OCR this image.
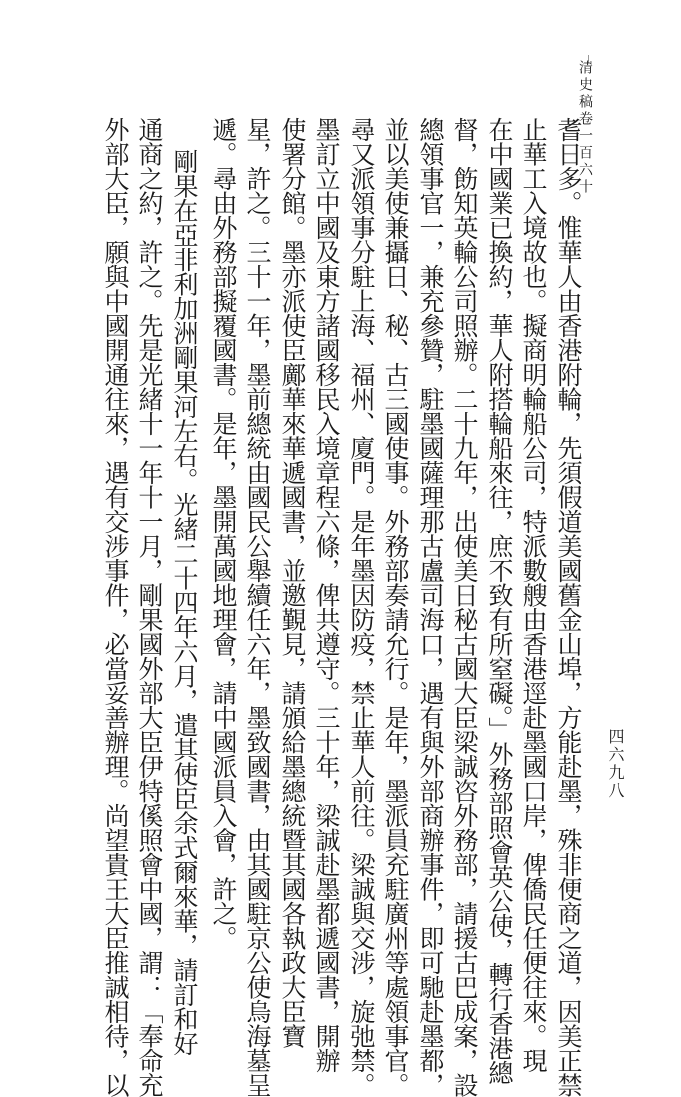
清史稿卷一百六十
四六九八
耆日多。惟華人由香港附輪，先須假道美國舊金山埠，方能赴墨，殊非便商之道，因美正禁
止華工入境故也。擬商明輪船公司，特派數艘由香港逕赴墨國口岸，俾僑民任便往來。現
在中國業已換約，華人附搭輪船來往，庶不致有所窒礙。」外務部照會英公使，轉行香港總
督，飭知英輪公司照辦。二十九年，出使美日秘古國大臣梁誠咨外務部，請援古巴成案，設
總領事官一，兼充參贊，駐墨國薩理那古盧司海口，遇有與外部商辦事件，即可馳赴墨都，
並以美使兼攝日、秘、古三國使事。外務部奏請允行。是年，墨派員充駐廣州等處領事官。
尋又派領事分駐上海、福州、廈門。是年墨因防疫，禁止華人前往。梁誠與交涉，旋弛禁。
墨訂立中國及東方諸國移民入境章程六條，俾共遵守。三十年，梁誠赴墨都遞國書，開辦
使署分館。墨亦派使臣鄺華來華遞國書，並邀覲見，請頒給墨總統暨其國各執政大臣寶
星，許之。三十一年，墨前總統由國民公舉續任六年，墨致國書，由其國駐京公使烏海墓呈
遞。尋由外務部擬覆國書。是年，墨開萬國地理會，請中國派員入會，許之。
剛果在亞非利加洲剛果河左右。光緒二十四年六月，遣其使臣余式爾來華，請訂和好
通商之約，許之。先是光緒十一年十一月，剛果國外部大臣伊特傒照會中國，謂：「奉命充
外部大臣，願與中國開通往來，遇有交涉事件，必當妥善辦理。尚望貴王大臣推誠相待，以
